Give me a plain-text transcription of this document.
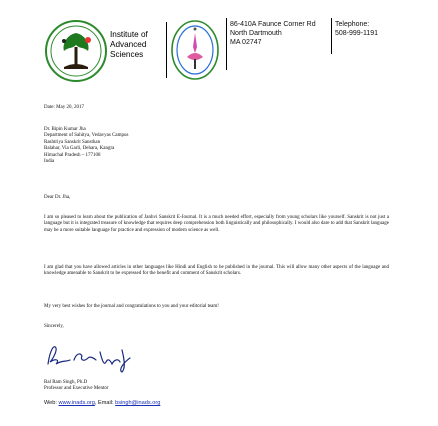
Institute of
Advanced
Sciences
86-410A Faunce Corner Rd
North Dartmouth
MA 02747
Telephone:
508-999-1191
Date: May 20, 2017
Dr. Bipin Kumar Jha
Department of Sahitya, Vedavyas Campus
Rashtriya Sanskrit Sansthan
Balahar, Via Garli, Dehara, Kangra
Himachal Pradesh – 177108
India
Dear Dr. Jha,
I am so pleased to learn about the publication of Janhvi Sanskrit E-Journal. It is a much needed effort, especially from young scholars like yourself. Sanskrit is not just a language but it is integrated treasure of knowledge that requires deep comprehension both linguistically and philosophically. I would also dare to add that Sanskrit language may be a more suitable language for practice and expression of modern science as well.
I am glad that you have allowed articles in other languages like Hindi and English to be published in the journal. This will allow many other aspects of the language and knowledge amenable to Sanskrit to be expressed for the benefit and comment of Sanskrit scholars.
My very best wishes for the journal and congratulations to you and your editorial team!
Sincerely,
Bal Ram Singh, Ph.D
Professor and Executive Mentor
Web: www.inads.org, Email: bsingh@inads.org
